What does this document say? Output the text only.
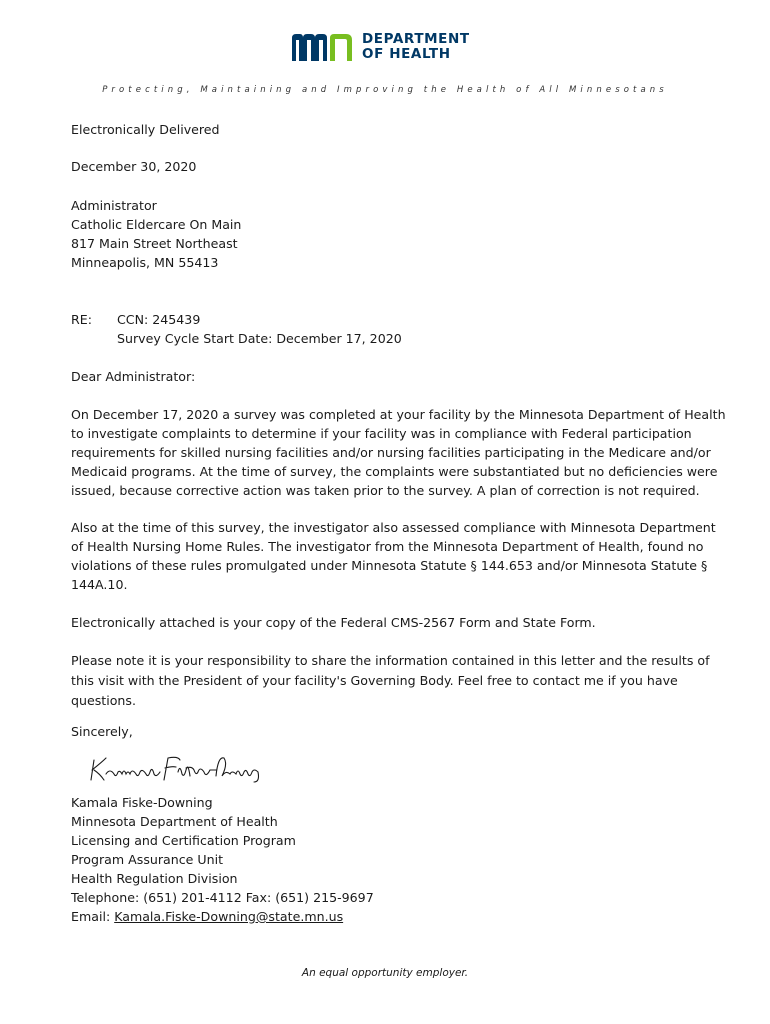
DEPARTMENT
OF HEALTH
Protecting, Maintaining and Improving the Health of All Minnesotans
Electronically Delivered
December 30, 2020
Administrator
Catholic Eldercare On Main
817 Main Street Northeast
Minneapolis, MN 55413
RE: CCN: 245439
Survey Cycle Start Date: December 17, 2020
Dear Administrator:
On December 17, 2020 a survey was completed at your facility by the Minnesota Department of Health
to investigate complaints to determine if your facility was in compliance with Federal participation
requirements for skilled nursing facilities and/or nursing facilities participating in the Medicare and/or
Medicaid programs. At the time of survey, the complaints were substantiated but no deficiencies were
issued, because corrective action was taken prior to the survey. A plan of correction is not required.
Also at the time of this survey, the investigator also assessed compliance with Minnesota Department
of Health Nursing Home Rules. The investigator from the Minnesota Department of Health, found no
violations of these rules promulgated under Minnesota Statute § 144.653 and/or Minnesota Statute §
144A.10.
Electronically attached is your copy of the Federal CMS-2567 Form and State Form.
Please note it is your responsibility to share the information contained in this letter and the results of
this visit with the President of your facility's Governing Body. Feel free to contact me if you have
questions.
Sincerely,
Kamala Fiske-Downing
Minnesota Department of Health
Licensing and Certification Program
Program Assurance Unit
Health Regulation Division
Telephone: (651) 201-4112 Fax: (651) 215-9697
Email: Kamala.Fiske-Downing@state.mn.us
An equal opportunity employer.
